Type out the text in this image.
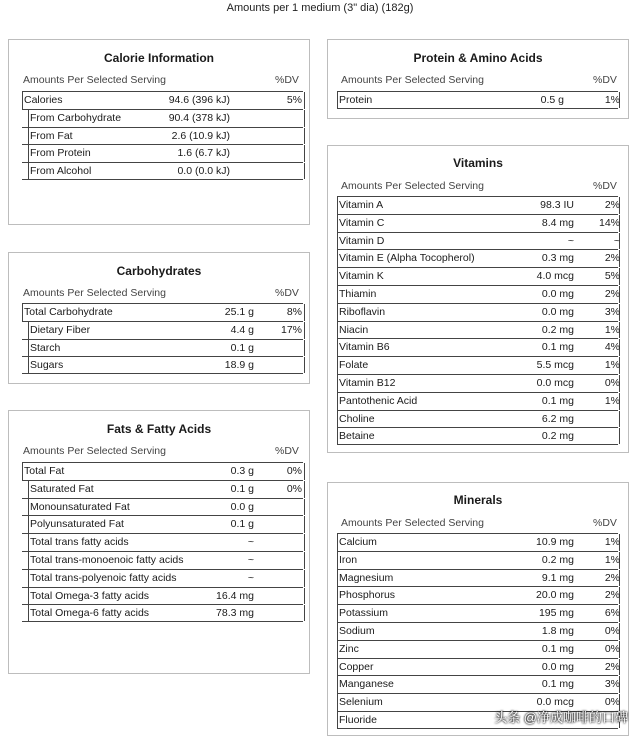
Amounts per 1 medium (3" dia) (182g)
Calorie Information
Amounts Per Selected Serving	%DV
Calories	94.6 (396 kJ)	5%
From Carbohydrate	90.4 (378 kJ)
From Fat	2.6 (10.9 kJ)
From Protein	1.6 (6.7 kJ)
From Alcohol	0.0 (0.0 kJ)
Carbohydrates
Amounts Per Selected Serving	%DV
Total Carbohydrate	25.1 g	8%
Dietary Fiber	4.4 g	17%
Starch	0.1 g
Sugars	18.9 g
Fats & Fatty Acids
Amounts Per Selected Serving	%DV
Total Fat	0.3 g	0%
Saturated Fat	0.1 g	0%
Monounsaturated Fat	0.0 g
Polyunsaturated Fat	0.1 g
Total trans fatty acids	~
Total trans-monoenoic fatty acids	~
Total trans-polyenoic fatty acids	~
Total Omega-3 fatty acids	16.4 mg
Total Omega-6 fatty acids	78.3 mg
Protein & Amino Acids
Amounts Per Selected Serving	%DV
Protein	0.5 g	1%
Vitamins
Amounts Per Selected Serving	%DV
Vitamin A	98.3 IU	2%
Vitamin C	8.4 mg 14%
Vitamin D	~	~
Vitamin E (Alpha Tocopherol)	0.3 mg	2%
Vitamin K	4.0 mcg	5%
Thiamin	0.0 mg	2%
Riboflavin	0.0 mg	3%
Niacin	0.2 mg	1%
Vitamin B6	0.1 mg	4%
Folate	5.5 mcg	1%
Vitamin B12	0.0 mcg	0%
Pantothenic Acid	0.1 mg	1%
Choline	6.2 mg
Betaine	0.2 mg
Minerals
Amounts Per Selected Serving	%DV
Calcium	10.9 mg	1%
Iron	0.2 mg	1%
Magnesium	9.1 mg	2%
Phosphorus	20.0 mg	2%
Potassium	195 mg	6%
Sodium	1.8 mg	0%
Zinc	0.1 mg	0%
Copper	0.0 mg	2%
Manganese	0.1 mg	3%
Selenium	0.0 mcg	0%
Fluoride	头条 @净成咖啡的口碑
